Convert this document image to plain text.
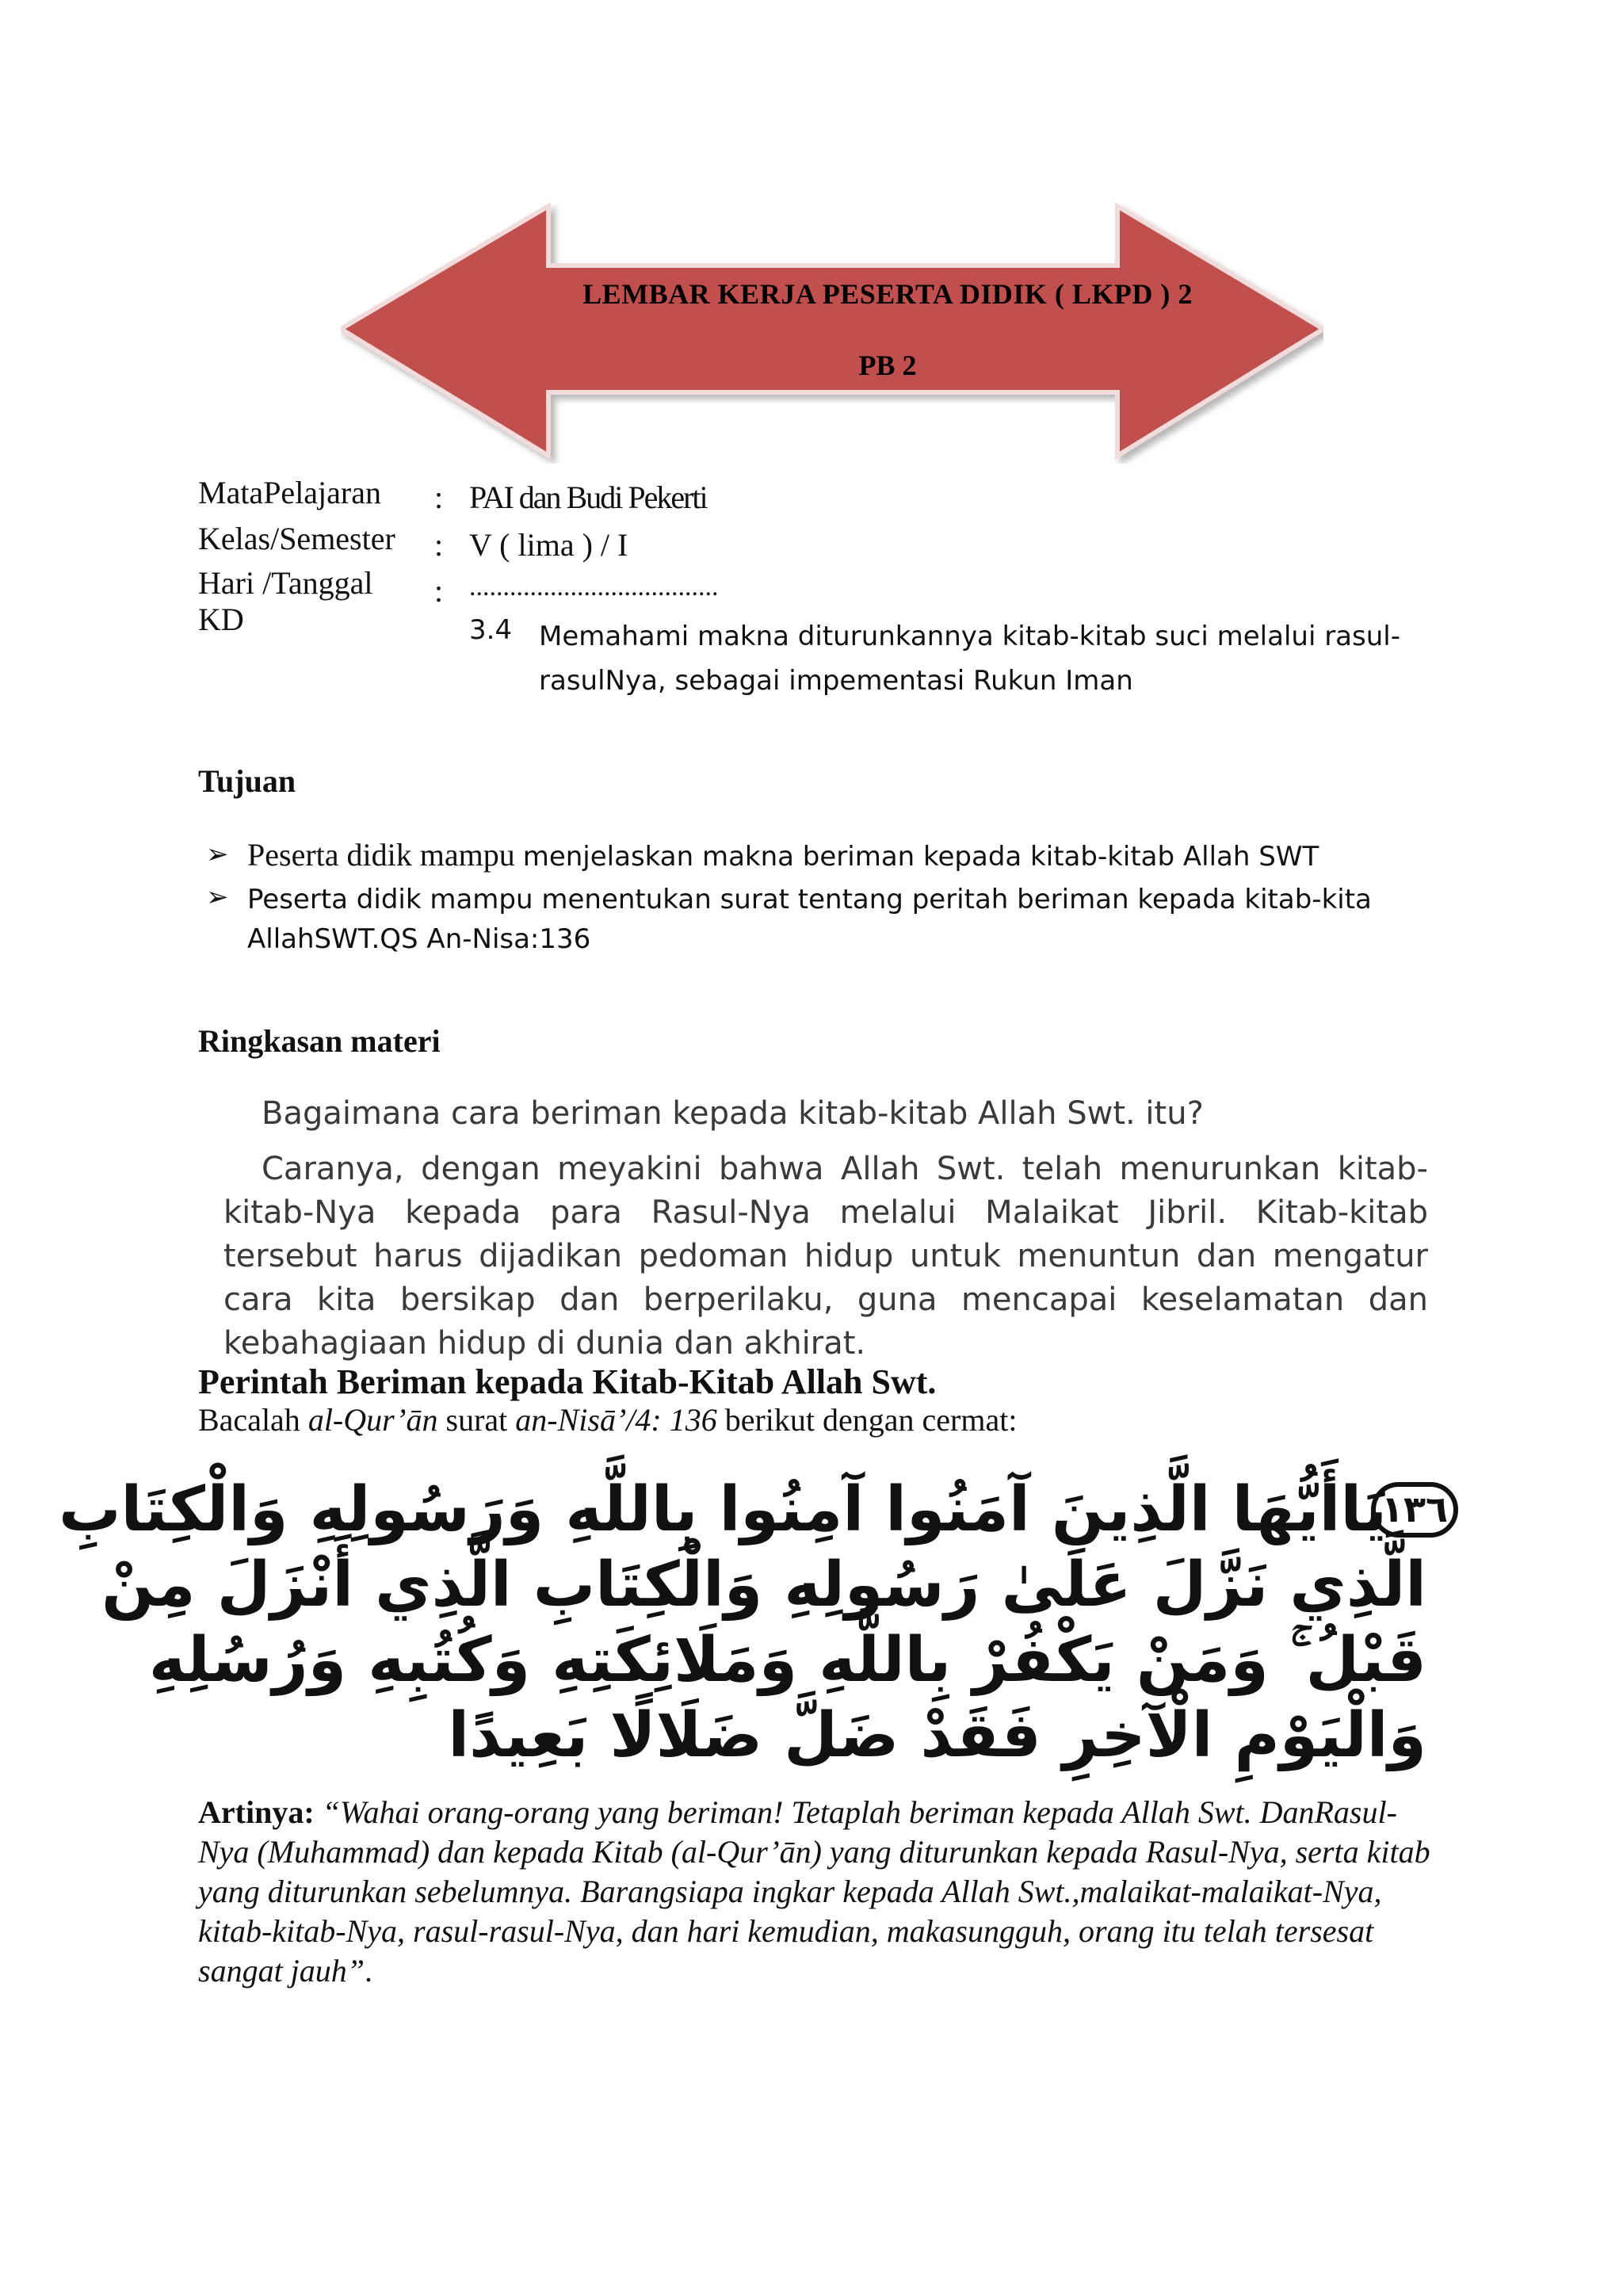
LEMBAR KERJA PESERTA DIDIK ( LKPD ) 2
PB 2
MataPelajaran : PAI dan Budi Pekerti
Kelas/Semester : V ( lima ) / I
Hari /Tanggal : .....................................
KD	3.4 Memahami makna diturunkannya kitab-kitab suci melalui rasul-rasulNya, sebagai impementasi Rukun Iman
Tujuan
➢ Peserta didik mampu menjelaskan makna beriman kepada kitab-kitab Allah SWT
➢ Peserta didik mampu menentukan surat tentang peritah beriman kepada kitab-kita AllahSWT.QS An-Nisa:136
Ringkasan materi
Bagaimana cara beriman kepada kitab-kitab Allah Swt. itu?
Caranya, dengan meyakini bahwa Allah Swt. telah menurunkan kitab-kitab-Nya kepada para Rasul-Nya melalui Malaikat Jibril. Kitab-kitab tersebut harus dijadikan pedoman hidup untuk menuntun dan mengatur cara kita bersikap dan berperilaku, guna mencapai keselamatan dan kebahagiaan hidup di dunia dan akhirat.
Perintah Beriman kepada Kitab-Kitab Allah Swt.
Bacalah al-Qur’ān surat an-Nisā’/4: 136 berikut dengan cermat:
١٣٦
يَاأَيُّهَا الَّذِينَ آمَنُوا آمِنُوا بِاللَّهِ وَرَسُولِهِ وَالْكِتَابِ
الَّذِي نَزَّلَ عَلَىٰ رَسُولِهِ وَالْكِتَابِ الَّذِي أَنْزَلَ مِنْ
قَبْلُ ۚ وَمَنْ يَكْفُرْ بِاللَّهِ وَمَلَائِكَتِهِ وَكُتُبِهِ وَرُسُلِهِ
وَالْيَوْمِ الْآخِرِ فَقَدْ ضَلَّ ضَلَالًا بَعِيدًا
Artinya: “Wahai orang-orang yang beriman! Tetaplah beriman kepada Allah Swt. DanRasul-Nya (Muhammad) dan kepada Kitab (al-Qur’ān) yang diturunkan kepada Rasul-Nya, serta kitab yang diturunkan sebelumnya. Barangsiapa ingkar kepada Allah Swt.,malaikat-malaikat-Nya, kitab-kitab-Nya, rasul-rasul-Nya, dan hari kemudian, makasungguh, orang itu telah tersesat sangat jauh”.
